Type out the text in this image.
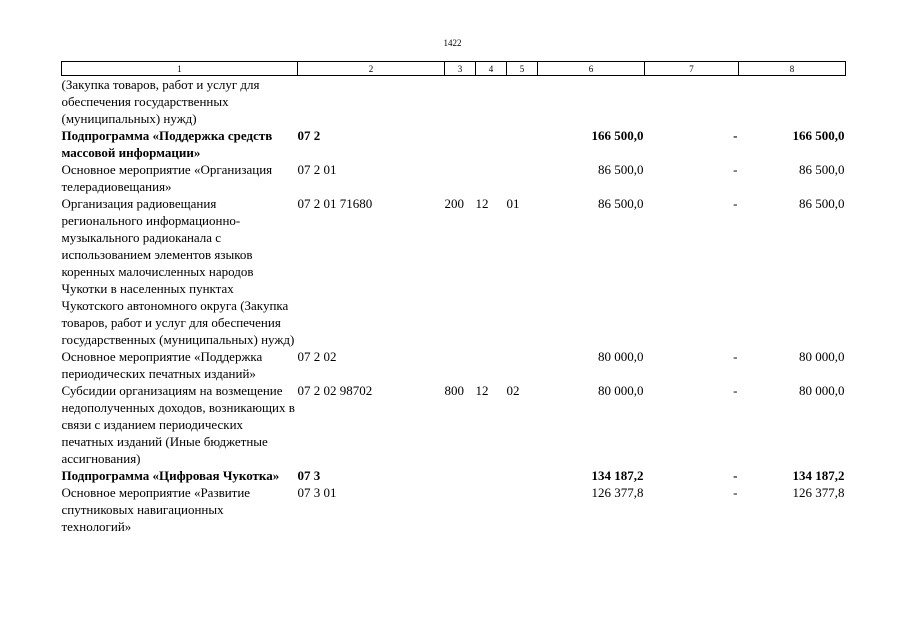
1422
1	2	3	4	5	6	7	8
(Закупка товаров, работ и услуг для обеспечения государственных (муниципальных) нужд)							
Подпрограмма «Поддержка средств массовой информации»	07 2				166 500,0	-	166 500,0
Основное мероприятие «Организация телерадиовещания»	07 2 01				86 500,0	-	86 500,0
Организация радиовещания регионального информационно-музыкального радиоканала с использованием элементов языков коренных малочисленных народов Чукотки в населенных пунктах Чукотского автономного округа (Закупка товаров, работ и услуг для обеспечения государственных (муниципальных) нужд)	07 2 01 71680	200	12	01	86 500,0	-	86 500,0
Основное мероприятие «Поддержка периодических печатных изданий»	07 2 02				80 000,0	-	80 000,0
Субсидии организациям на возмещение недополученных доходов, возникающих в связи с изданием периодических печатных изданий (Иные бюджетные ассигнования)	07 2 02 98702	800	12	02	80 000,0	-	80 000,0
Подпрограмма «Цифровая Чукотка»	07 3				134 187,2	-	134 187,2
Основное мероприятие «Развитие спутниковых навигационных технологий»	07 3 01				126 377,8	-	126 377,8
